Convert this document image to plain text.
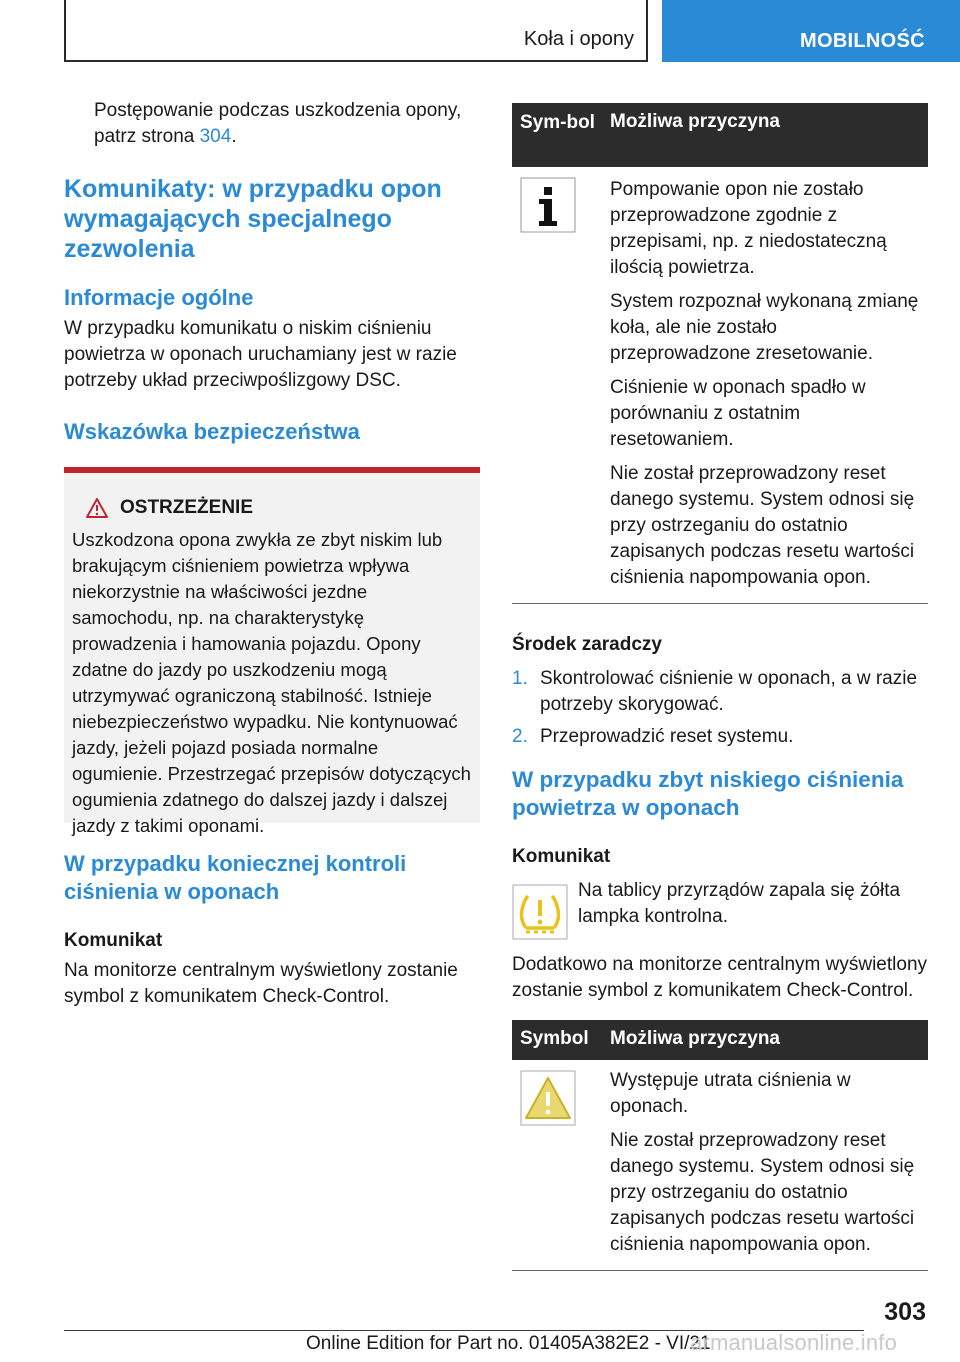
Koła i opony	MOBILNOŚĆ

Postępowanie podczas uszkodzenia opony, patrz strona 304.

Komunikaty: w przypadku opon wymagających specjalnego zezwolenia
Informacje ogólne

W przypadku komunikatu o niskim ciśnieniu powietrza w oponach uruchamiany jest w razie potrzeby układ przeciwpoślizgowy DSC.

Wskazówka bezpieczeństwa
OSTRZEŻENIE

Uszkodzona opona zwykła ze zbyt niskim lub brakującym ciśnieniem powietrza wpływa niekorzystnie na właściwości jezdne samochodu, np. na charakterystykę prowadzenia i hamowania pojazdu. Opony zdatne do jazdy po uszkodzeniu mogą utrzymywać ograniczoną stabilność. Istnieje niebezpieczeństwo wypadku. Nie kontynuować jazdy, jeżeli pojazd posiada normalne ogumienie. Przestrzegać przepisów dotyczących ogumienia zdatnego do dalszej jazdy i dalszej jazdy z takimi oponami.

W przypadku koniecznej kontroli ciśnienia w oponach
Komunikat

Na monitorze centralnym wyświetlony zostanie symbol z komunikatem Check-Control.

Sym-bol	Możliwa przyczyna

Pompowanie opon nie zostało przeprowadzone zgodnie z przepisami, np. z niedostateczną ilością powietrza.

System rozpoznał wykonaną zmianę koła, ale nie zostało przeprowadzone zresetowanie.

Ciśnienie w oponach spadło w porównaniu z ostatnim resetowaniem.

Nie został przeprowadzony reset danego systemu. System odnosi się przy ostrzeganiu do ostatnio zapisanych podczas resetu wartości ciśnienia napompowania opon.

Środek zaradczy
1. Skontrolować ciśnienie w oponach, a w razie potrzeby skorygować.
2. Przeprowadzić reset systemu.
W przypadku zbyt niskiego ciśnienia powietrza w oponach
Komunikat

Na tablicy przyrządów zapala się żółta lampka kontrolna.

Dodatkowo na monitorze centralnym wyświetlony zostanie symbol z komunikatem Check-Control.

Symbol	Możliwa przyczyna

Występuje utrata ciśnienia w oponach.

Nie został przeprowadzony reset danego systemu. System odnosi się przy ostrzeganiu do ostatnio zapisanych podczas resetu wartości ciśnienia napompowania opon.

303
Online Edition for Part no. 01405A382E2 - VI/21
armanualsonline.info
